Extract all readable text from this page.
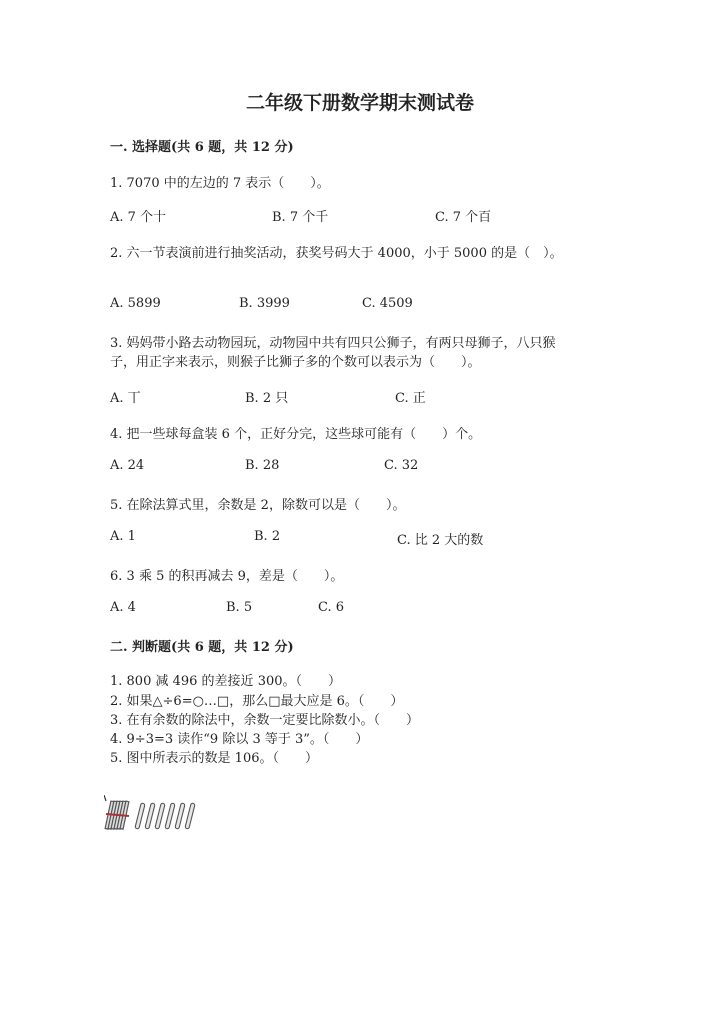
二年级下册数学期末测试卷
一. 选择题(共 6 题，共 12 分)
1. 7070 中的左边的 7 表示（　　）。
A. 7 个十	B. 7 个千	C. 7 个百
2. 六一节表演前进行抽奖活动，获奖号码大于 4000，小于 5000 的是（　）。
A. 5899	B. 3999	C. 4509
3. 妈妈带小路去动物园玩，动物园中共有四只公狮子，有两只母狮子，八只猴
子，用正字来表示，则猴子比狮子多的个数可以表示为（　　）。
A. 丅	B. 2 只	C. 正
4. 把一些球每盒装 6 个，正好分完，这些球可能有（　　）个。
A. 24	B. 28	C. 32
5. 在除法算式里，余数是 2，除数可以是（　　）。
A. 1	B. 2	C. 比 2 大的数
6. 3 乘 5 的积再减去 9，差是（　　）。
A. 4	B. 5	C. 6
二. 判断题(共 6 题，共 12 分)
1. 800 减 496 的差接近 300。（　　）
2. 如果△÷6=○…□，那么□最大应是 6。（　　）
3. 在有余数的除法中，余数一定要比除数小。（　　）
4. 9÷3=3 读作“9 除以 3 等于 3”。（　　）
5. 图中所表示的数是 106。（　　）
